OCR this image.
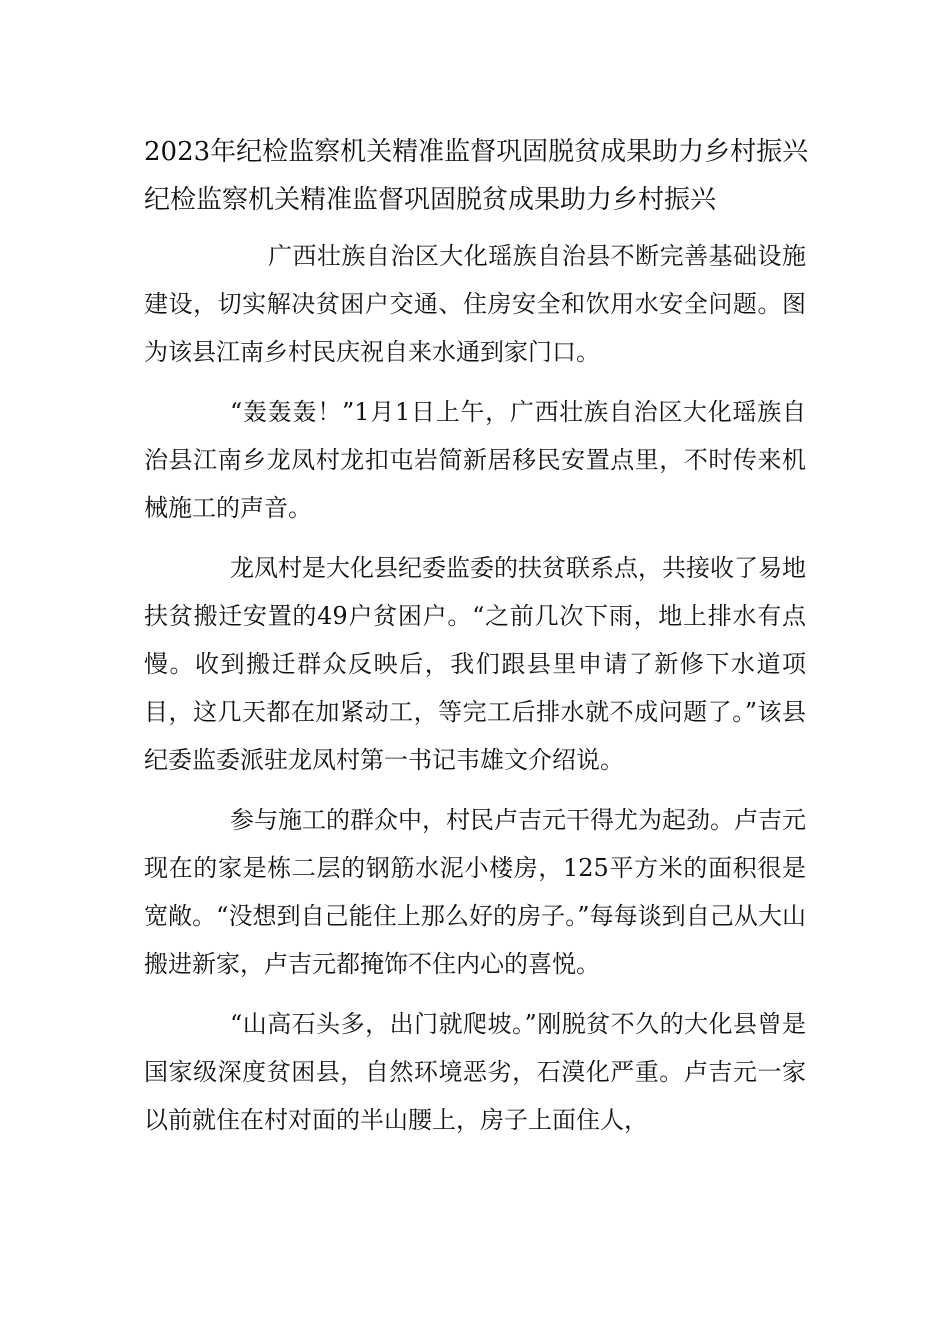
2023年纪检监察机关精准监督巩固脱贫成果助力乡村振兴
纪检监察机关精准监督巩固脱贫成果助力乡村振兴

广西壮族自治区大化瑶族自治县不断完善基础设施建设，切实解决贫困户交通、住房安全和饮用水安全问题。图为该县江南乡村民庆祝自来水通到家门口。

“轰轰轰！”1月1日上午，广西壮族自治区大化瑶族自治县江南乡龙凤村龙扣屯岩简新居移民安置点里，不时传来机械施工的声音。

龙凤村是大化县纪委监委的扶贫联系点，共接收了易地扶贫搬迁安置的49户贫困户。“之前几次下雨，地上排水有点慢。收到搬迁群众反映后，我们跟县里申请了新修下水道项目，这几天都在加紧动工，等完工后排水就不成问题了。”该县纪委监委派驻龙凤村第一书记韦雄文介绍说。

参与施工的群众中，村民卢吉元干得尤为起劲。卢吉元现在的家是栋二层的钢筋水泥小楼房，125平方米的面积很是宽敞。“没想到自己能住上那么好的房子。”每每谈到自己从大山搬进新家，卢吉元都掩饰不住内心的喜悦。

“山高石头多，出门就爬坡。”刚脱贫不久的大化县曾是国家级深度贫困县，自然环境恶劣，石漠化严重。卢吉元一家以前就住在村对面的半山腰上，房子上面住人，
